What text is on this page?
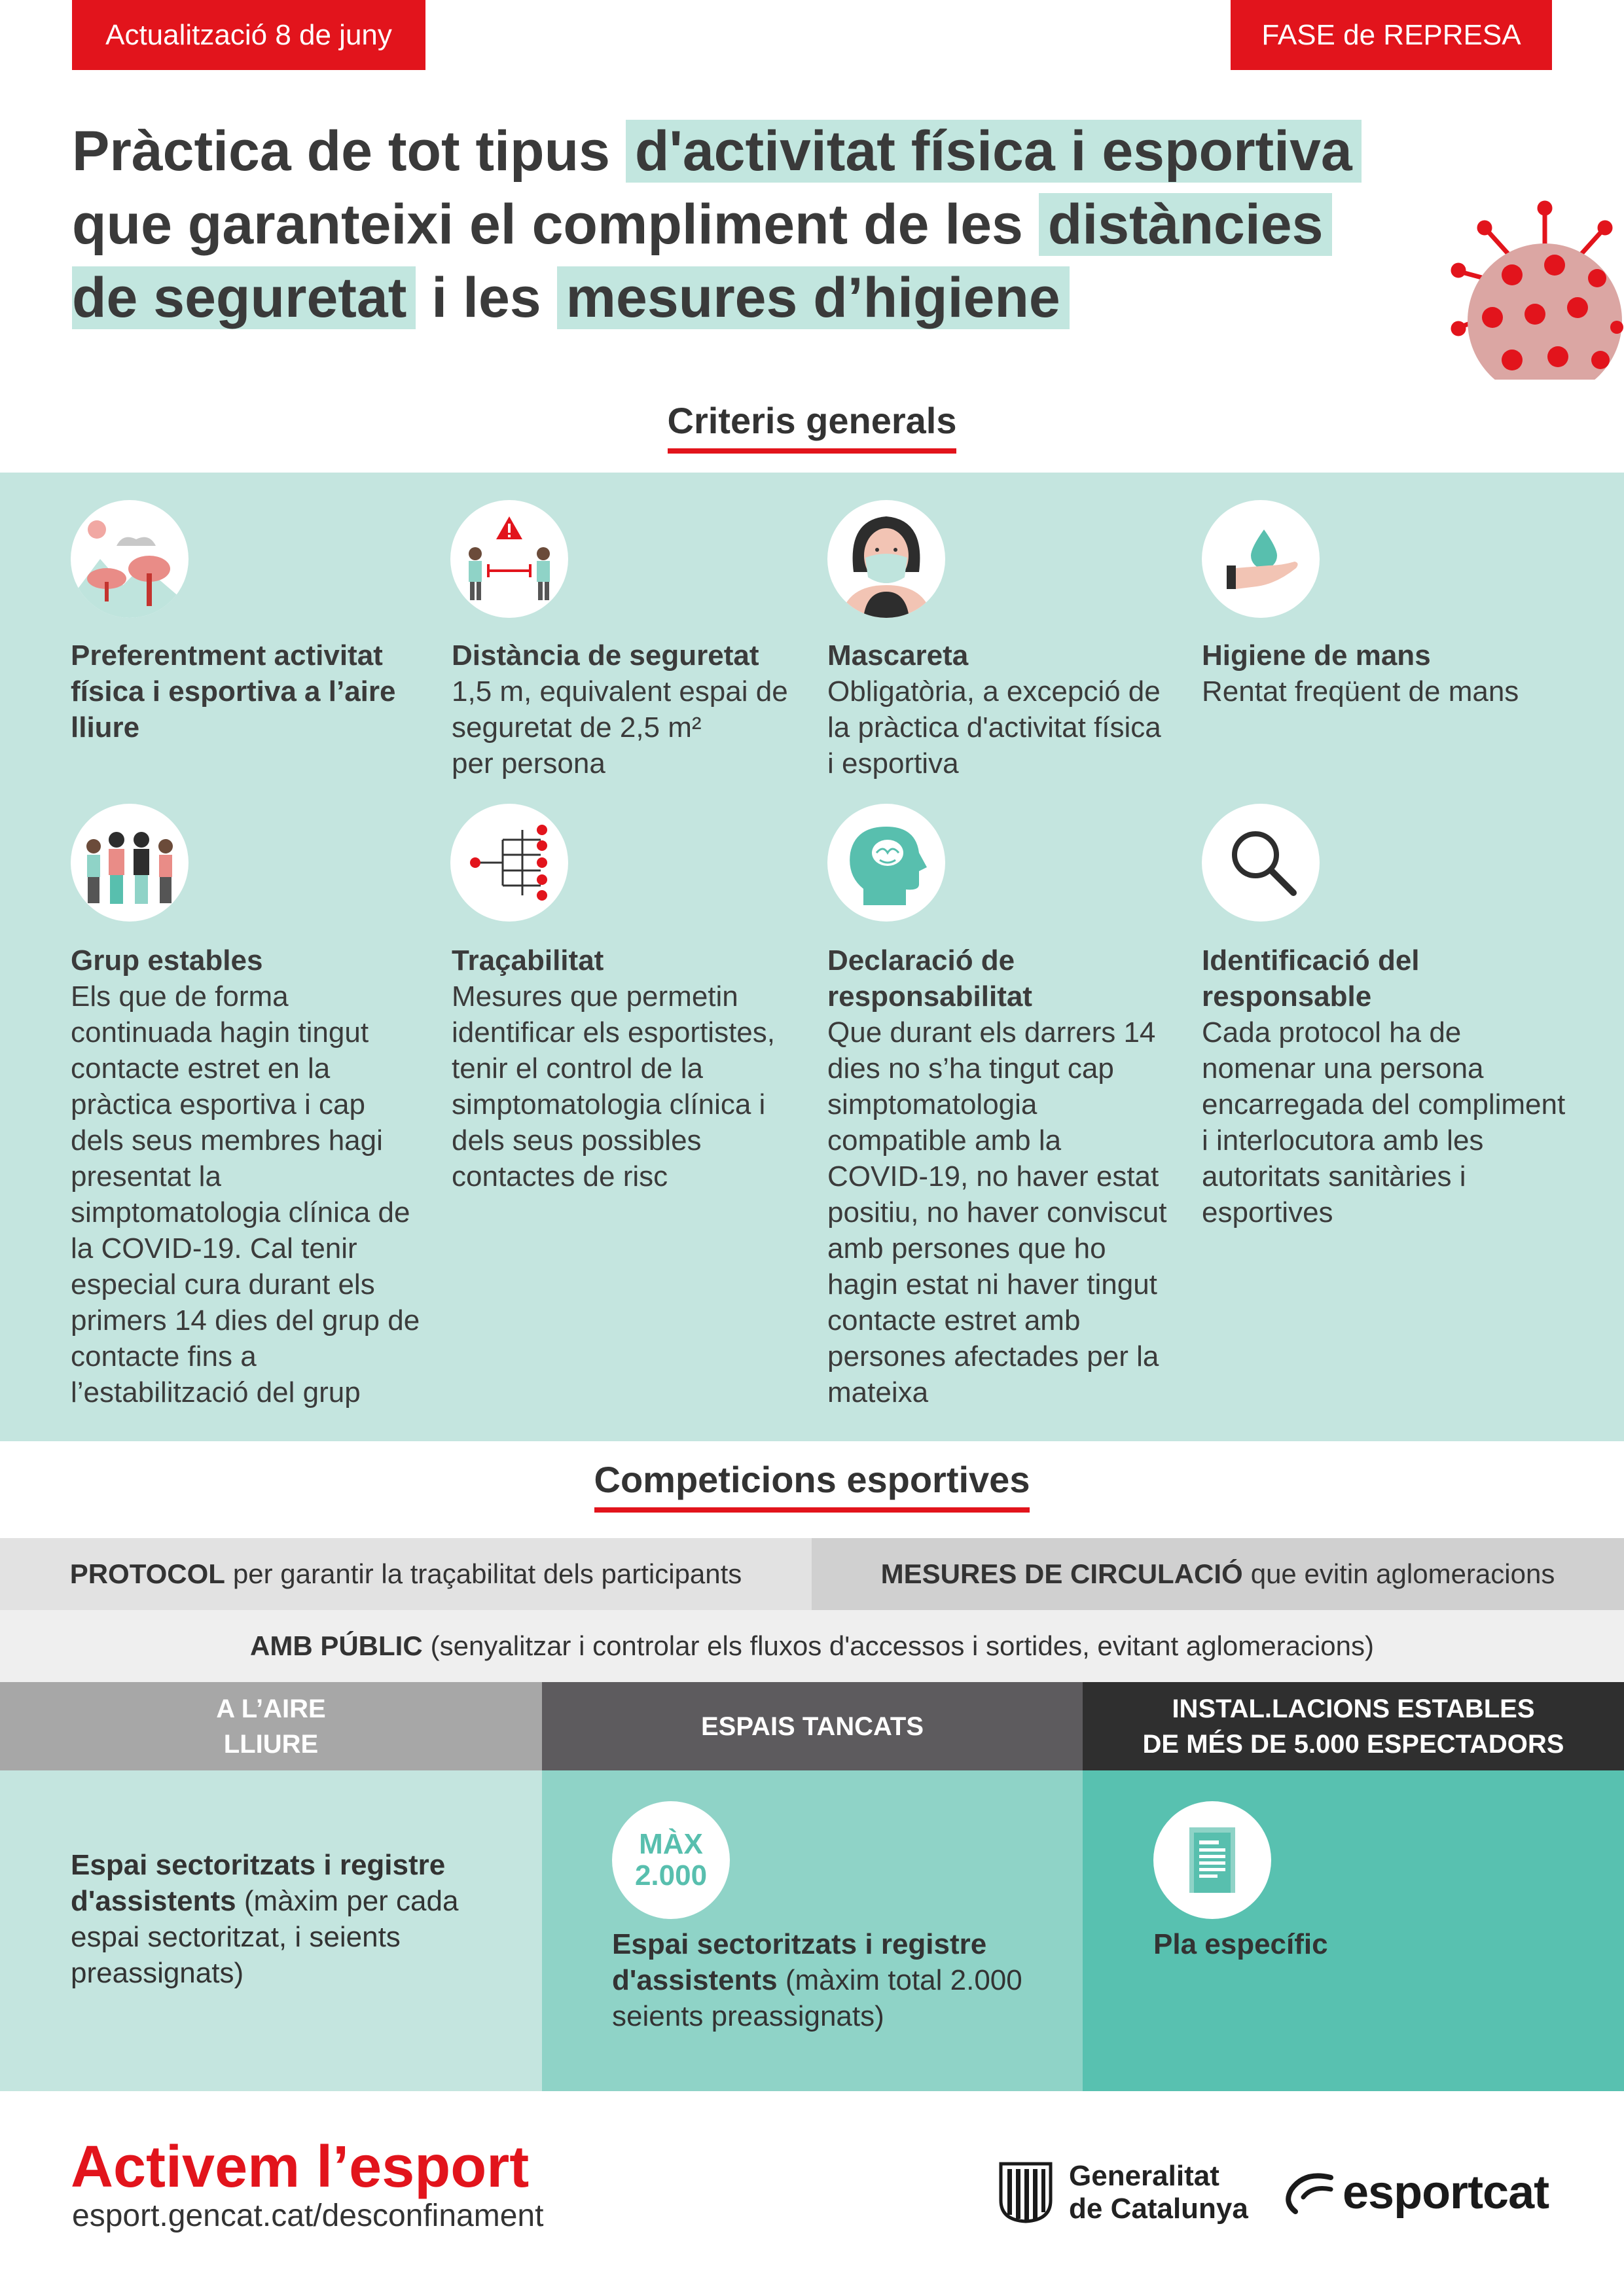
Actualització 8 de juny	FASE de REPRESA
Pràctica de tot tipus d'activitat física i esportiva
que garanteixi el compliment de les distàncies
de seguretat i les mesures d’higiene
Criteris generals
Preferentment activitat física i esportiva a l’aire lliure
Distància de seguretat
1,5 m, equivalent espai de seguretat de 2,5 m²
per persona
Mascareta
Obligatòria, a excepció de la pràctica d'activitat física i esportiva
Higiene de mans
Rentat freqüent de mans
Grup estables
Els que de forma continuada hagin tingut contacte estret en la pràctica esportiva i cap dels seus membres hagi presentat la simptomatologia clínica de la COVID-19. Cal tenir especial cura durant els primers 14 dies del grup de contacte fins a l’estabilització del grup
Traçabilitat
Mesures que permetin identificar els esportistes, tenir el control de la simptomatologia clínica i dels seus possibles contactes de risc
Declaració de responsabilitat
Que durant els darrers 14 dies no s’ha tingut cap simptomatologia compatible amb la COVID-19, no haver estat positiu, no haver conviscut amb persones que ho hagin estat ni haver tingut contacte estret amb persones afectades per la mateixa
Identificació del responsable
Cada protocol ha de nomenar una persona encarregada del compliment i interlocutora amb les autoritats sanitàries i esportives
Competicions esportives
PROTOCOL per garantir la traçabilitat dels participants	MESURES DE CIRCULACIÓ que evitin aglomeracions
AMB PÚBLIC (senyalitzar i controlar els fluxos d'accessos i sortides, evitant aglomeracions)
A L’AIRE
LLIURE
ESPAIS TANCATS
INSTAL.LACIONS ESTABLES
DE MÉS DE 5.000 ESPECTADORS
Espai sectoritzats i registre d'assistents (màxim per cada espai sectoritzat, i seients preassignats)
MÀX
2.000
Espai sectoritzats i registre d'assistents (màxim total 2.000 seients preassignats)
Pla específic
Activem l’esport
esport.gencat.cat/desconfinament
Generalitat
de Catalunya esportcat
